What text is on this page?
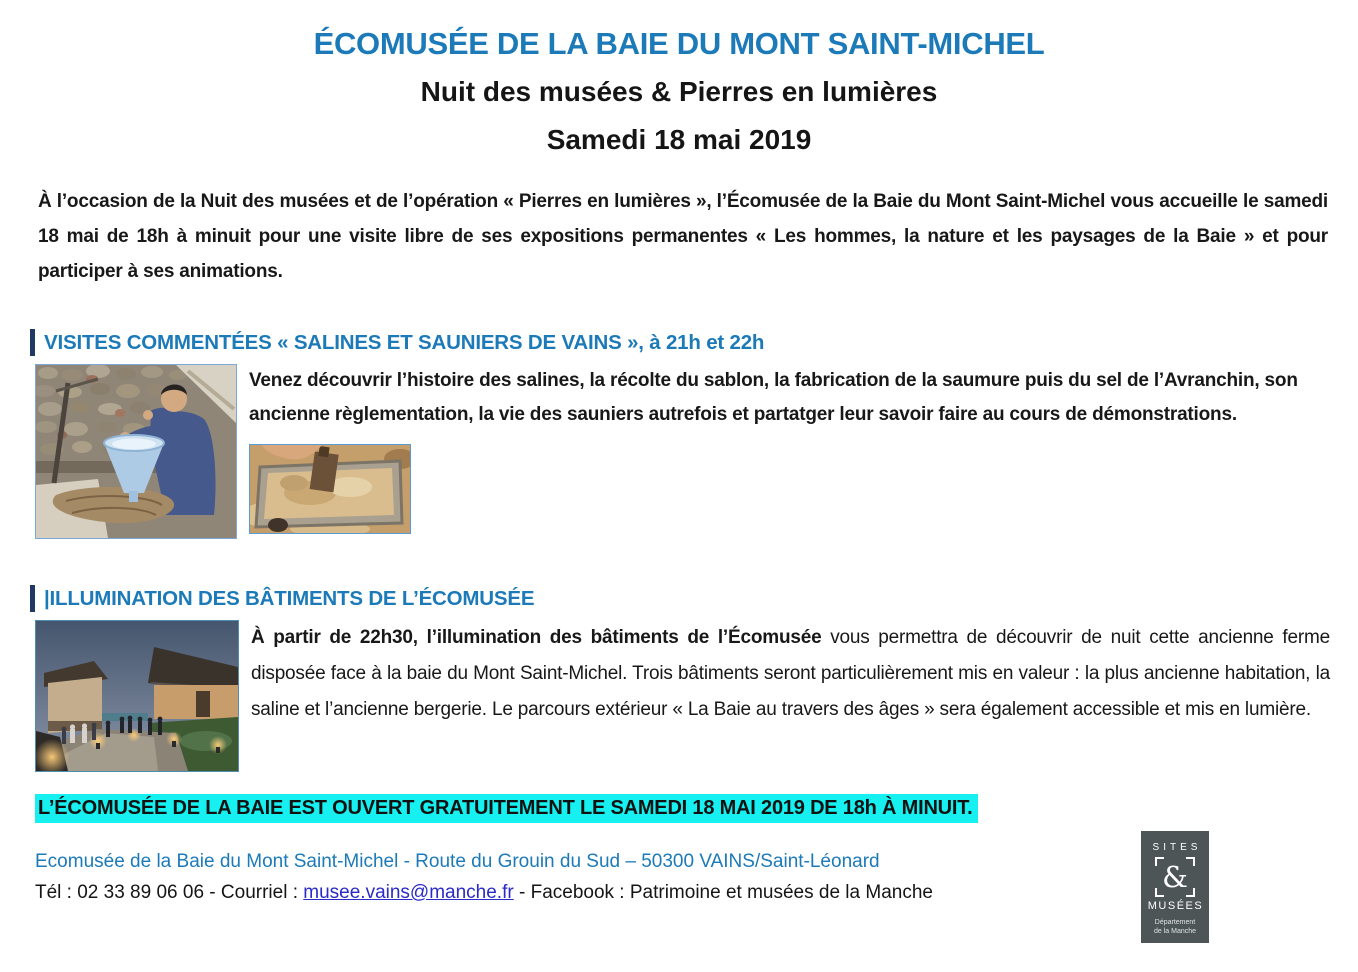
ÉCOMUSÉE DE LA BAIE DU MONT SAINT-MICHEL
Nuit des musées & Pierres en lumières
Samedi 18 mai 2019

À l’occasion de la Nuit des musées et de l’opération « Pierres en lumières », l’Écomusée de la Baie du Mont Saint-Michel vous accueille le samedi 18 mai de 18h à minuit pour une visite libre de ses expositions permanentes « Les hommes, la nature et les paysages de la Baie » et pour participer à ses animations.

VISITES COMMENTÉES « SALINES ET SAUNIERS DE VAINS », à 21h et 22h

Venez découvrir l’histoire des salines, la récolte du sablon, la fabrication de la saumure puis du sel de l’Avranchin, son ancienne règlementation, la vie des sauniers autrefois et partatger leur savoir faire au cours de démonstrations.

|ILLUMINATION DES BÂTIMENTS DE L’ÉCOMUSÉE

À partir de 22h30, l’illumination des bâtiments de l’Écomusée vous permettra de découvrir de nuit cette ancienne ferme disposée face à la baie du Mont Saint-Michel. Trois bâtiments seront particulièrement mis en valeur : la plus ancienne habitation, la saline et l’ancienne bergerie. Le parcours extérieur « La Baie au travers des âges » sera également accessible et mis en lumière.

L’ÉCOMUSÉE DE LA BAIE EST OUVERT GRATUITEMENT LE SAMEDI 18 MAI 2019 DE 18h À MINUIT.
Ecomusée de la Baie du Mont Saint-Michel - Route du Grouin du Sud – 50300 VAINS/Saint-Léonard
Tél : 02 33 89 06 06 - Courriel : musee.vains@manche.fr - Facebook : Patrimoine et musées de la Manche
SITES
&
MUSÉES
Département
de la Manche
